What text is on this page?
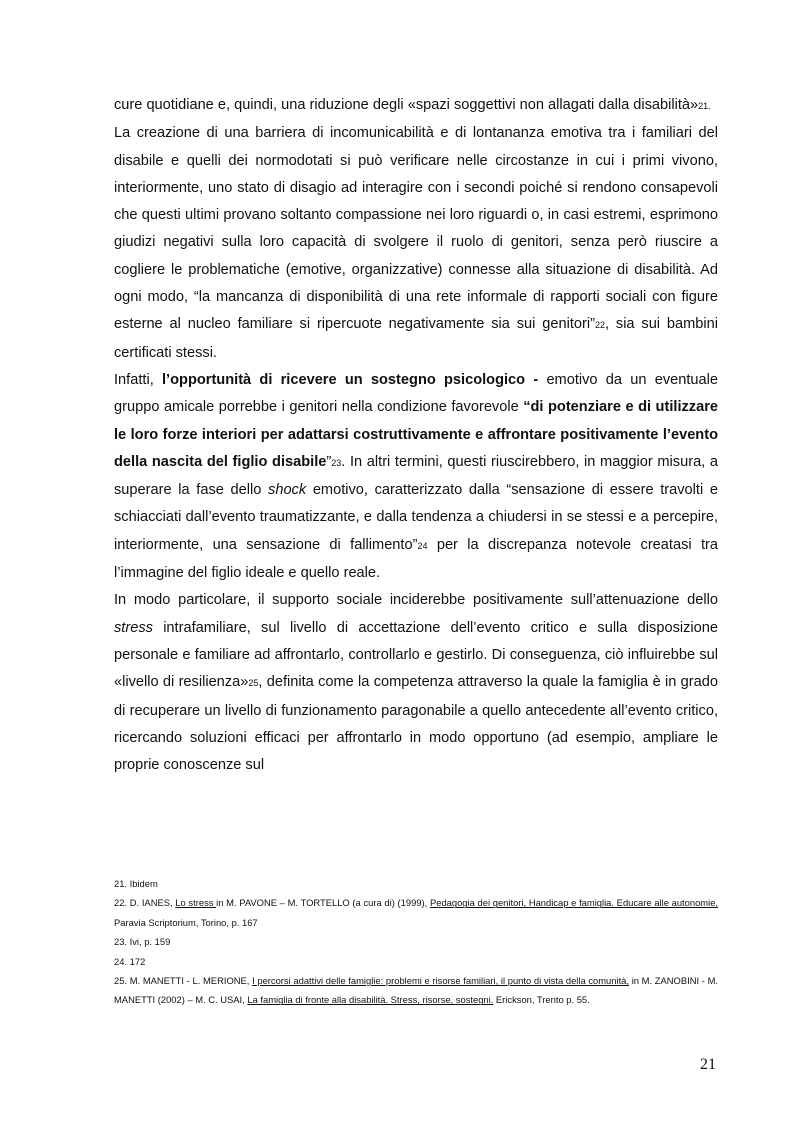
cure quotidiane e, quindi, una riduzione degli «spazi soggettivi non allagati dalla disabilità»21.

La creazione di una barriera di incomunicabilità e di lontananza emotiva tra i familiari del disabile e quelli dei normodotati si può verificare nelle circostanze in cui i primi vivono, interiormente, uno stato di disagio ad interagire con i secondi poiché si rendono consapevoli che questi ultimi provano soltanto compassione nei loro riguardi o, in casi estremi, esprimono giudizi negativi sulla loro capacità di svolgere il ruolo di genitori, senza però riuscire a cogliere le problematiche (emotive, organizzative) connesse alla situazione di disabilità. Ad ogni modo, “la mancanza di disponibilità di una rete informale di rapporti sociali con figure esterne al nucleo familiare si ripercuote negativamente sia sui genitori”22, sia sui bambini certificati stessi.

Infatti, l’opportunità di ricevere un sostegno psicologico - emotivo da un eventuale gruppo amicale porrebbe i genitori nella condizione favorevole “di potenziare e di utilizzare le loro forze interiori per adattarsi costruttivamente e affrontare positivamente l’evento della nascita del figlio disabile”23. In altri termini, questi riuscirebbero, in maggior misura, a superare la fase dello shock emotivo, caratterizzato dalla “sensazione di essere travolti e schiacciati dall’evento traumatizzante, e dalla tendenza a chiudersi in se stessi e a percepire, interiormente, una sensazione di fallimento”24 per la discrepanza notevole creatasi tra l’immagine del figlio ideale e quello reale.

In modo particolare, il supporto sociale inciderebbe positivamente sull’attenuazione dello stress intrafamiliare, sul livello di accettazione dell’evento critico e sulla disposizione personale e familiare ad affrontarlo, controllarlo e gestirlo. Di conseguenza, ciò influirebbe sul «livello di resilienza»25, definita come la competenza attraverso la quale la famiglia è in grado di recuperare un livello di funzionamento paragonabile a quello antecedente all’evento critico, ricercando soluzioni efficaci per affrontarlo in modo opportuno (ad esempio, ampliare le proprie conoscenze sul

21. Ibidem

22. D. IANES, Lo stress in M. PAVONE – M. TORTELLO (a cura di) (1999), Pedagogia dei genitori, Handicap e famiglia. Educare alle autonomie, Paravia Scriptorium, Torino, p. 167

23. Ivi, p. 159

24. 172

25. M. MANETTI - L. MERIONE, I percorsi adattivi delle famiglie: problemi e risorse familiari, il punto di vista della comunità, in M. ZANOBINI - M. MANETTI (2002) – M. C. USAI, La famiglia di fronte alla disabilità. Stress, risorse, sostegni. Erickson, Trento p. 55.

21
